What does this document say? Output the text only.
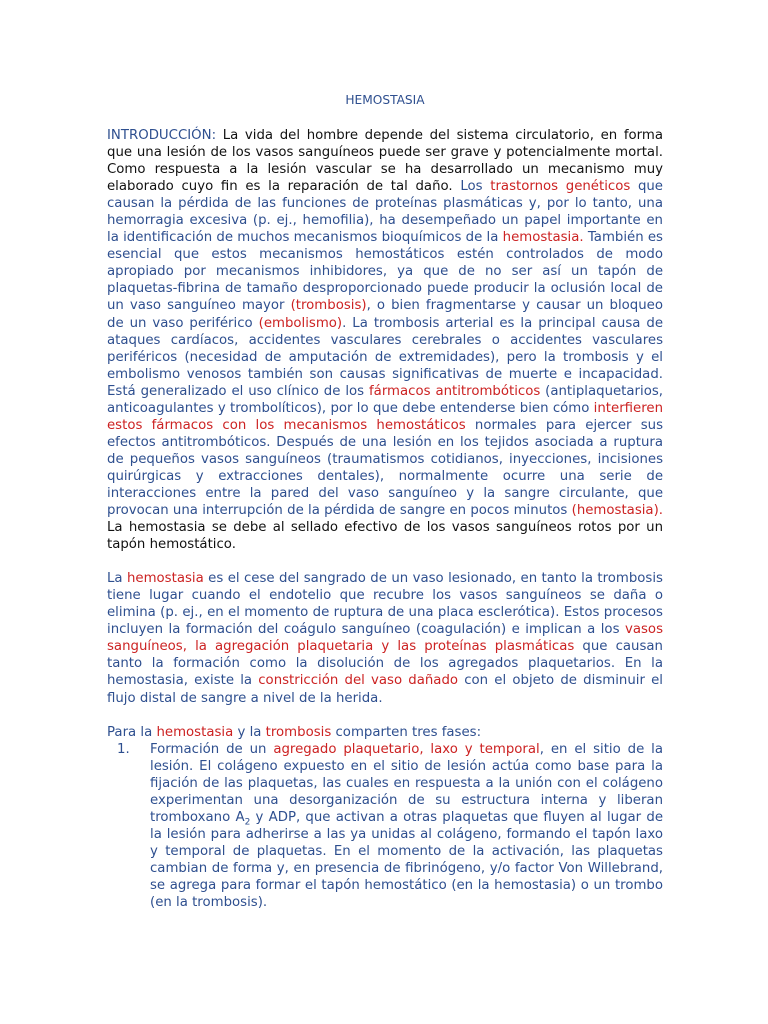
HEMOSTASIA

INTRODUCCIÓN: La vida del hombre depende del sistema circulatorio, en forma que una lesión de los vasos sanguíneos puede ser grave y potencialmente mortal. Como respuesta a la lesión vascular se ha desarrollado un mecanismo muy elaborado cuyo fin es la reparación de tal daño. Los trastornos genéticos que causan la pérdida de las funciones de proteínas plasmáticas y, por lo tanto, una hemorragia excesiva (p. ej., hemofilia), ha desempeñado un papel importante en la identificación de muchos mecanismos bioquímicos de la hemostasia. También es esencial que estos mecanismos hemostáticos estén controlados de modo apropiado por mecanismos inhibidores, ya que de no ser así un tapón de plaquetas-fibrina de tamaño desproporcionado puede producir la oclusión local de un vaso sanguíneo mayor (trombosis), o bien fragmentarse y causar un bloqueo de un vaso periférico (embolismo). La trombosis arterial es la principal causa de ataques cardíacos, accidentes vasculares cerebrales o accidentes vasculares periféricos (necesidad de amputación de extremidades), pero la trombosis y el embolismo venosos también son causas significativas de muerte e incapacidad. Está generalizado el uso clínico de los fármacos antitrombóticos (antiplaquetarios, anticoagulantes y trombolíticos), por lo que debe entenderse bien cómo interfieren estos fármacos con los mecanismos hemostáticos normales para ejercer sus efectos antitrombóticos. Después de una lesión en los tejidos asociada a ruptura de pequeños vasos sanguíneos (traumatismos cotidianos, inyecciones, incisiones quirúrgicas y extracciones dentales), normalmente ocurre una serie de interacciones entre la pared del vaso sanguíneo y la sangre circulante, que provocan una interrupción de la pérdida de sangre en pocos minutos (hemostasia). La hemostasia se debe al sellado efectivo de los vasos sanguíneos rotos por un tapón hemostático.

La hemostasia es el cese del sangrado de un vaso lesionado, en tanto la trombosis tiene lugar cuando el endotelio que recubre los vasos sanguíneos se daña o elimina (p. ej., en el momento de ruptura de una placa esclerótica). Estos procesos incluyen la formación del coágulo sanguíneo (coagulación) e implican a los vasos sanguíneos, la agregación plaquetaria y las proteínas plasmáticas que causan tanto la formación como la disolución de los agregados plaquetarios. En la hemostasia, existe la constricción del vaso dañado con el objeto de disminuir el flujo distal de sangre a nivel de la herida.

Para la hemostasia y la trombosis comparten tres fases:

1.	Formación de un agregado plaquetario, laxo y temporal, en el sitio de la lesión. El colágeno expuesto en el sitio de lesión actúa como base para la fijación de las plaquetas, las cuales en respuesta a la unión con el colágeno experimentan una desorganización de su estructura interna y liberan tromboxano $A_2$ y ADP, que activan a otras plaquetas que fluyen al lugar de la lesión para adherirse a las ya unidas al colágeno, formando el tapón laxo y temporal de plaquetas. En el momento de la activación, las plaquetas cambian de forma y, en presencia de fibrinógeno, y/o factor Von Willebrand, se agrega para formar el tapón hemostático (en la hemostasia) o un trombo (en la trombosis).
